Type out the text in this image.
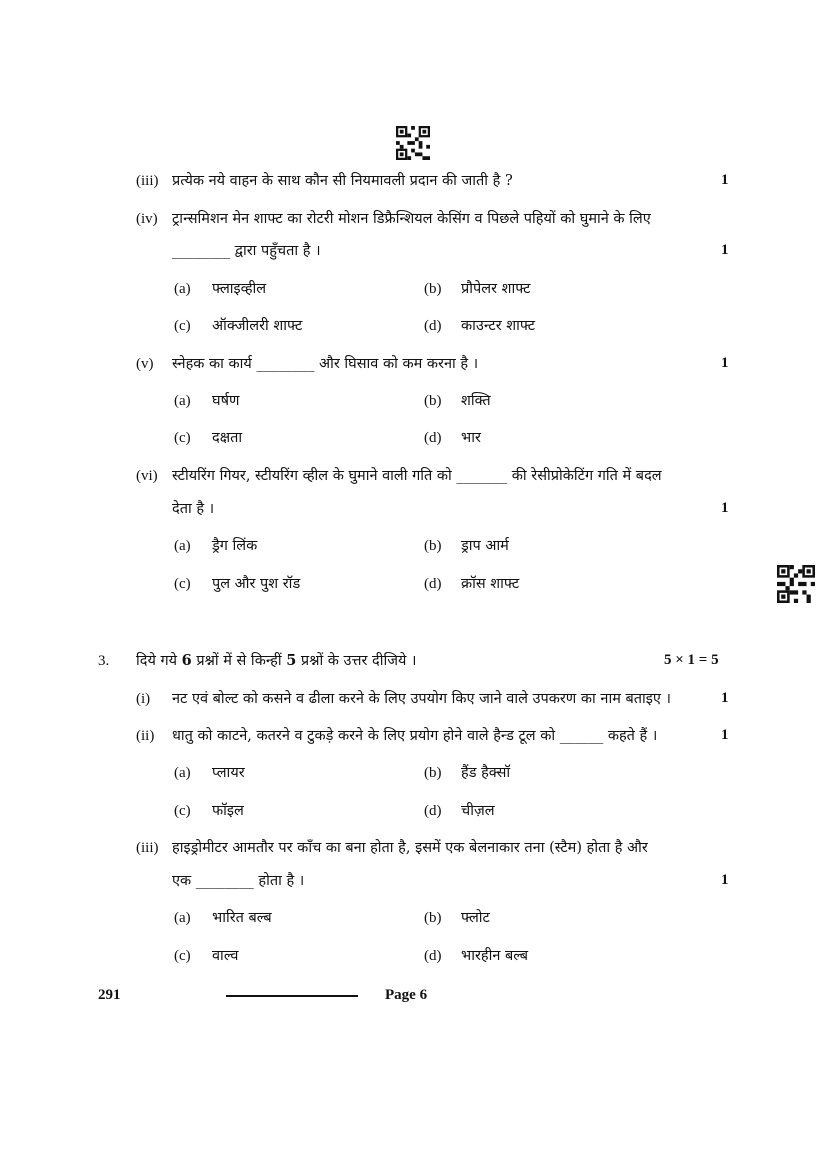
(iii) प्रत्येक नये वाहन के साथ कौन सी नियमावली प्रदान की जाती है ?	1
(iv) ट्रान्समिशन मेन शाफ्ट का रोटरी मोशन डिफ्रैन्शियल केसिंग व पिछले पहियों को घुमाने के लिए
________ द्वारा पहुँचता है ।	1
(a) फ्लाइव्हील	(b) प्रौपेलर शाफ्ट
(c) ऑक्जीलरी शाफ्ट	(d) काउन्टर शाफ्ट
(v) स्नेहक का कार्य ________ और घिसाव को कम करना है ।	1
(a) घर्षण	(b) शक्ति
(c) दक्षता	(d) भार
(vi) स्टीयरिंग गियर, स्टीयरिंग व्हील के घुमाने वाली गति को _______ की रेसीप्रोकेटिंग गति में बदल
देता है ।	1
(a) ड्रैग लिंक	(b) ड्राप आर्म
(c) पुल और पुश रॉड	(d) क्रॉस शाफ्ट
3. दिये गये 6 प्रश्नों में से किन्हीं 5 प्रश्नों के उत्तर दीजिये ।	5 × 1 = 5
(i) नट एवं बोल्ट को कसने व ढीला करने के लिए उपयोग किए जाने वाले उपकरण का नाम बताइए ।	1
(ii) धातु को काटने, कतरने व टुकड़े करने के लिए प्रयोग होने वाले हैन्ड टूल को ______ कहते हैं ।	1
(a) प्लायर	(b) हैंड हैक्सॉ
(c) फॉइल	(d) चीज़ल
(iii) हाइड्रोमीटर आमतौर पर काँच का बना होता है, इसमें एक बेलनाकार तना (स्टैम) होता है और
एक ________ होता है ।	1
(a) भारित बल्ब	(b) फ्लोट
(c) वाल्व	(d) भारहीन बल्ब
291	Page 6
